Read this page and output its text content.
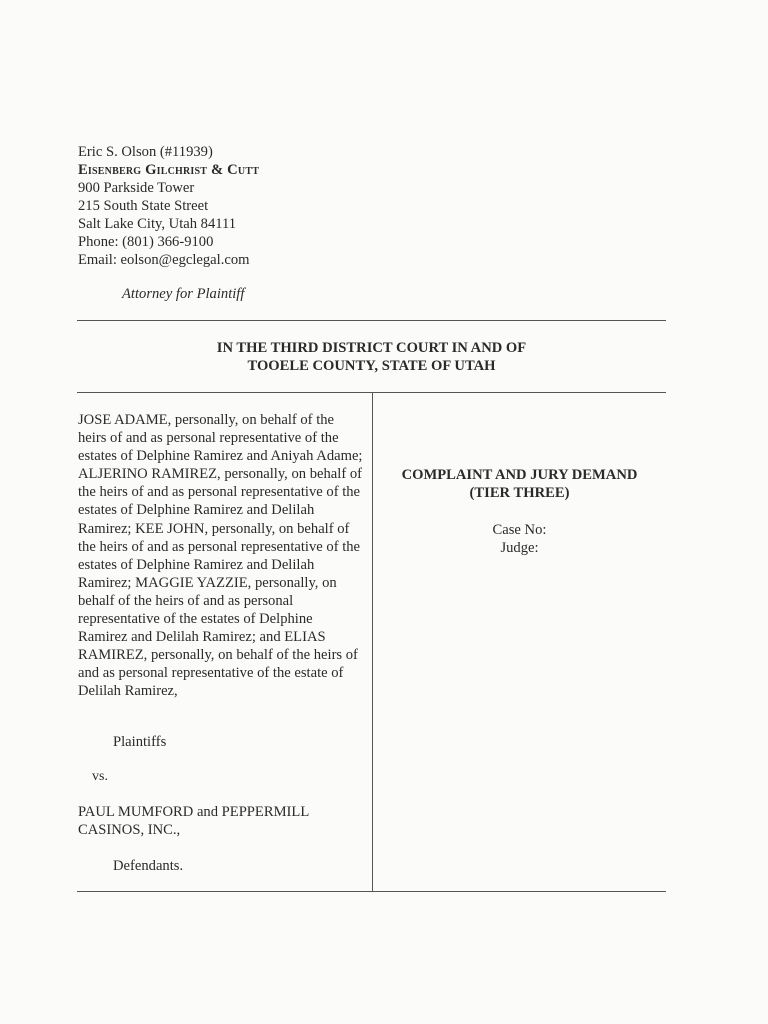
Eric S. Olson (#11939)
Eisenberg Gilchrist & Cutt
900 Parkside Tower
215 South State Street
Salt Lake City, Utah 84111
Phone: (801) 366-9100
Email: eolson@egclegal.com
Attorney for Plaintiff
IN THE THIRD DISTRICT COURT IN AND OF
TOOELE COUNTY, STATE OF UTAH

JOSE ADAME, personally, on behalf of the heirs of and as personal representative of the estates of Delphine Ramirez and Aniyah Adame; ALJERINO RAMIREZ, personally, on behalf of the heirs of and as personal representative of the estates of Delphine Ramirez and Delilah Ramirez; KEE JOHN, personally, on behalf of the heirs of and as personal representative of the estates of Delphine Ramirez and Delilah Ramirez; MAGGIE YAZZIE, personally, on behalf of the heirs of and as personal representative of the estates of Delphine Ramirez and Delilah Ramirez; and ELIAS RAMIREZ, personally, on behalf of the heirs of and as personal representative of the estate of Delilah Ramirez,

Plaintiffs
vs.
PAUL MUMFORD and PEPPERMILL CASINOS, INC.,
Defendants.
COMPLAINT AND JURY DEMAND
(TIER THREE)
Case No:
Judge:
